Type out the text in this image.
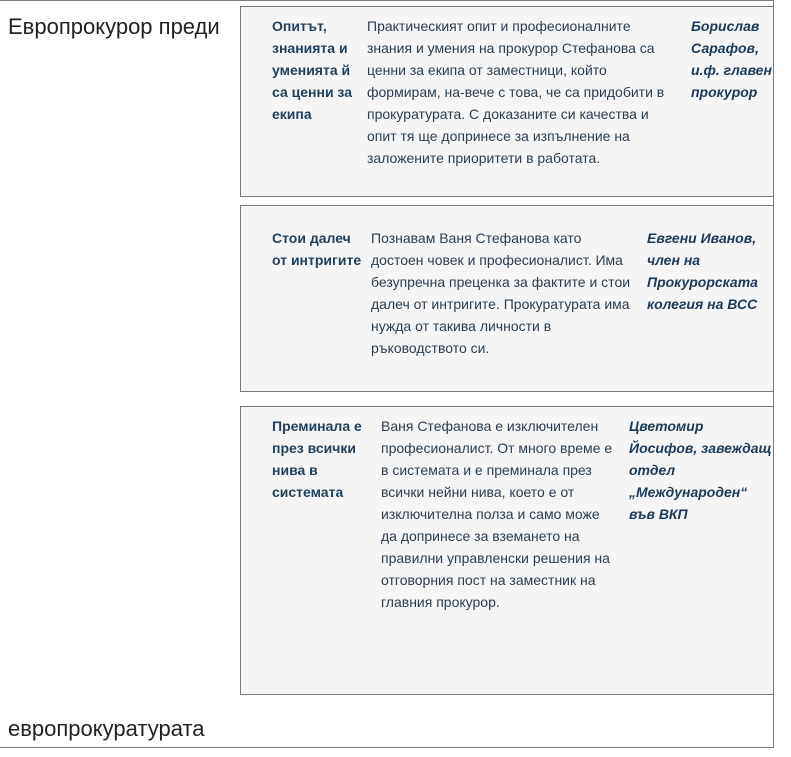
Европрокурор преди
европрокуратурата
Опитът, знанията и уменията й са ценни за екипа
Практическият опит и професионалните знания и умения на прокурор Стефанова са ценни за екипа от заместници, който формирам, на-вече с това, че са придобити в прокуратурата. С доказаните си качества и опит тя ще допринесе за изпълнение на заложените приоритети в работата.
Борислав Сарафов, и.ф. главен прокурор
Стои далеч от интригите
Познавам Ваня Стефанова като достоен човек и професионалист. Има безупречна преценка за фактите и стои далеч от интригите. Прокуратурата има нужда от такива личности в ръководството си.
Евгени Иванов, член на Прокурорската колегия на ВСС
Преминала е през всички нива в системата
Ваня Стефанова е изключителен професионалист. От много време е в системата и е преминала през всички нейни нива, което е от изключителна полза и само може да допринесе за вземането на правилни управленски решения на отговорния пост на заместник на главния прокурор.
Цветомир Йосифов, завеждащ отдел „Международен“ във ВКП
